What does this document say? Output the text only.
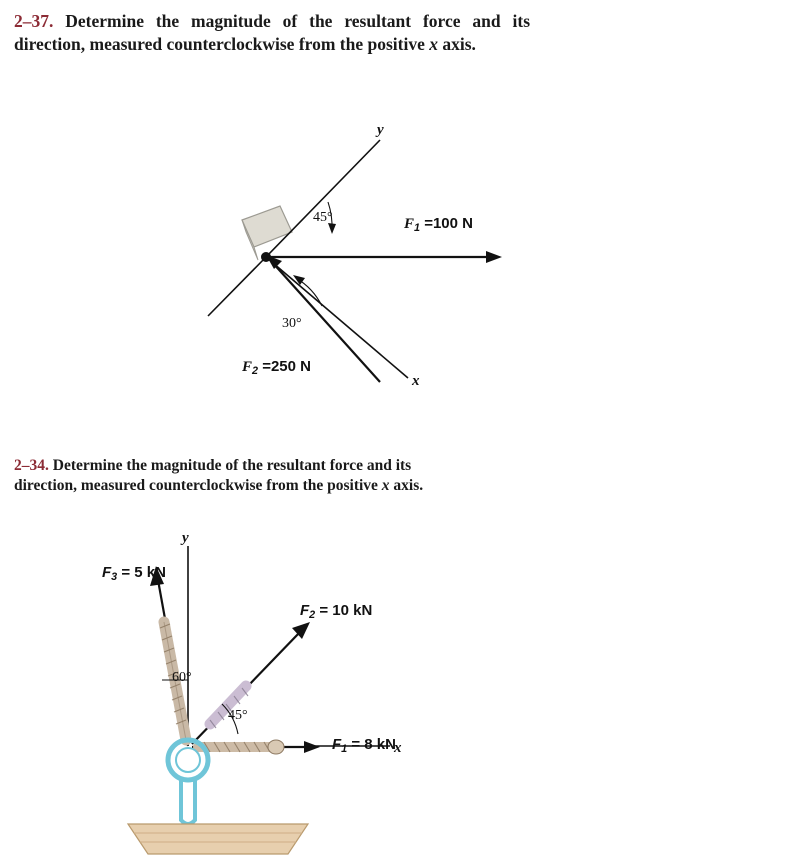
2–37. Determine the magnitude of the resultant force and its direction, measured counterclockwise from the positive x axis.
y
x
45°
30°
$F_1 =100$ N
$F_2 =250$ N
2–34. Determine the magnitude of the resultant force and its direction, measured counterclockwise from the positive x axis.
y
x
60°
45°
$F_3 = 5$ kN
$F_2 = 10$ kN
$F_1 = 8$ kN
